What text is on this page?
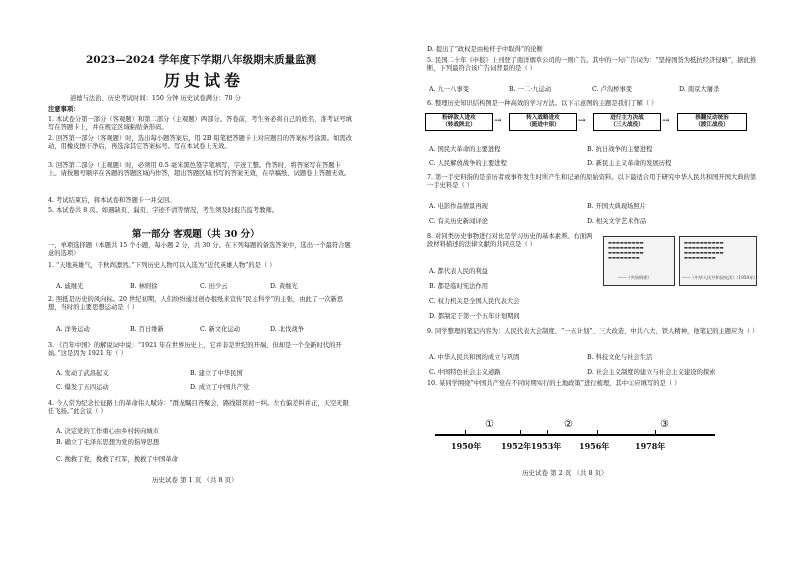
2023—2024 学年度下学期八年级期末质量监测
历史试卷
道德与法治、历史考试时间：150 分钟 历史试卷满分：70 分
注意事项：
1. 本试卷分第一部分（客观题）和第二部分（主观题）两部分。答卷前，考生务必将自己的姓名、准考证号填写在答题卡上，并在规定区域粘贴条形码。
2. 回答第一部分（客观题）时，选出每小题答案后，用 2B 铅笔把答题卡上对应题目的答案标号涂黑。如需改动，用橡皮擦干净后，再选涂其它答案标号。写在本试卷上无效。
3. 回答第二部分（主观题）时，必须用 0.5 毫米黑色签字笔填写，字迹工整。作答时，将答案写在答题卡上。请按题号顺序在各题的答题区域内作答，超出答题区域书写的答案无效，在草稿纸、试题卷上答题无效。
4. 考试结束后，将本试卷和答题卡一并交回。
5. 本试卷共 8 页。如遇缺页、漏页、字迹不清等情况，考生须及时报告监考教师。
第一部分 客观题（共 30 分）
一、单项选择题（本题共 15 个小题，每小题 2 分，共 30 分。在下列每题的备选答案中，选出一个最符合题意的选项）
1. “天地英雄气，千秋尚凛然。”下列历史人物可以入选为“近代英雄人物”的是（ ）
A. 戚继光	B. 林则徐	C. 田少云	D. 黄继光
2. 照抵是历史的风向标。20 世纪初期，人们纷纷通过创办报纸来宣传“民主科学”的主张，由此了一次新思想，当时的主要思想运动是（ ）
A. 洋务运动	B. 百日维新	C. 新文化运动	D. 北伐战争
3. 《百年中国》的解说词中说：“1921 年在世界历史上，它并非是世纪的开端，但却是一个全新时代的开始。”这是因为 1921 年（ ）
A. 发动了武昌起义	B. 建立了中华民国
C. 爆发了五四运动	D. 成立了中国共产党
4. 今人常为纪念长征路上的革命伟人赋诗：“群龙瞩目齐聚会，路线错误初一纠。左右偏差纠并正，天空无限任飞扬。”此会议（ ）
A. 决定党的工作重心由乡村转向城市
B. 确立了毛泽东思想为党的指导思想
C. 挽救了党，挽救了红军，挽救了中国革命
历史试卷 第 1 页 （共 8 页）
D. 提出了“政权是由枪杆子中取得”的论断
5. 民国二十年《申报》上刊登了南洋烟草公司的一则广告。其中的一句广告词为：“坚持国货为抵抗经济侵略”，据此推断，下列最符合该广告词背景的是（ ）
A. 九一八事变	B. 一二·九运动	C. 卢沟桥事变	D. 南京大屠杀
6. 整理历史知识结构图是一种高效的学习方法。以下示意图的主题是我们了解（ ）
粉碎敌人进攻
（转战陕北）	→	转入战略进攻
（挺进中原）	→	进行主力决战
（三大战役）	→	推翻反动统治
（渡江战役）
A. 国民大革命的主要进程	B. 抗日战争的主要进程
C. 人民解放战争的主要进程	D. 新民主主义革命的发展历程
7. 第一手史料指的是亲历者或事件发生时所产生和记录的原始资料。以下最适合用于研究中华人民共和国开国大典的第一手史料是（ ）
A. 电影作品情景再现	B. 开国大典现场照片
C. 有关历史新闻评论	D. 相关文学艺术作品
8. 对同类历史事物进行对比是学习历史的基本素养。右面两段材料描述的法律文献的共同点是（ ）	▬▬▬▬▬▬▬▬▬
▬▬▬▬▬▬▬▬▬
▬▬▬▬▬▬▬▬▬
▬▬▬▬▬▬▬▬
——《共同纲领》
▬▬▬▬▬▬▬▬▬▬
▬▬▬▬▬▬▬▬▬▬
▬▬▬▬▬▬▬▬▬▬
▬▬▬▬▬▬▬▬
——《中华人民共和国宪法》（1954年）
A. 都代表人民的利益
B. 都是临时宪法作用
C. 权力机关是全国人民代表大会
D. 都制定于第一个五年计划期间
9. 同学整理的笔记内容为：人民代表大会制度、“一五计划”、三大改造、中共八大、铁人精神，他笔记的主题应为（ ）
A. 中华人民共和国的成立与巩固	B. 科技文化与社会生活
C. 中国特色社会主义道路	D. 社会主义制度的建立与社会主义建设的探索
10. 某同学围绕“中国共产党在不同时期实行的土地政策”进行梳理，其中②应填写的是（ ）
①	②	③
1950年 1952年 1953年 1956年	1978年
历史试卷 第 2 页 （共 8 页）
